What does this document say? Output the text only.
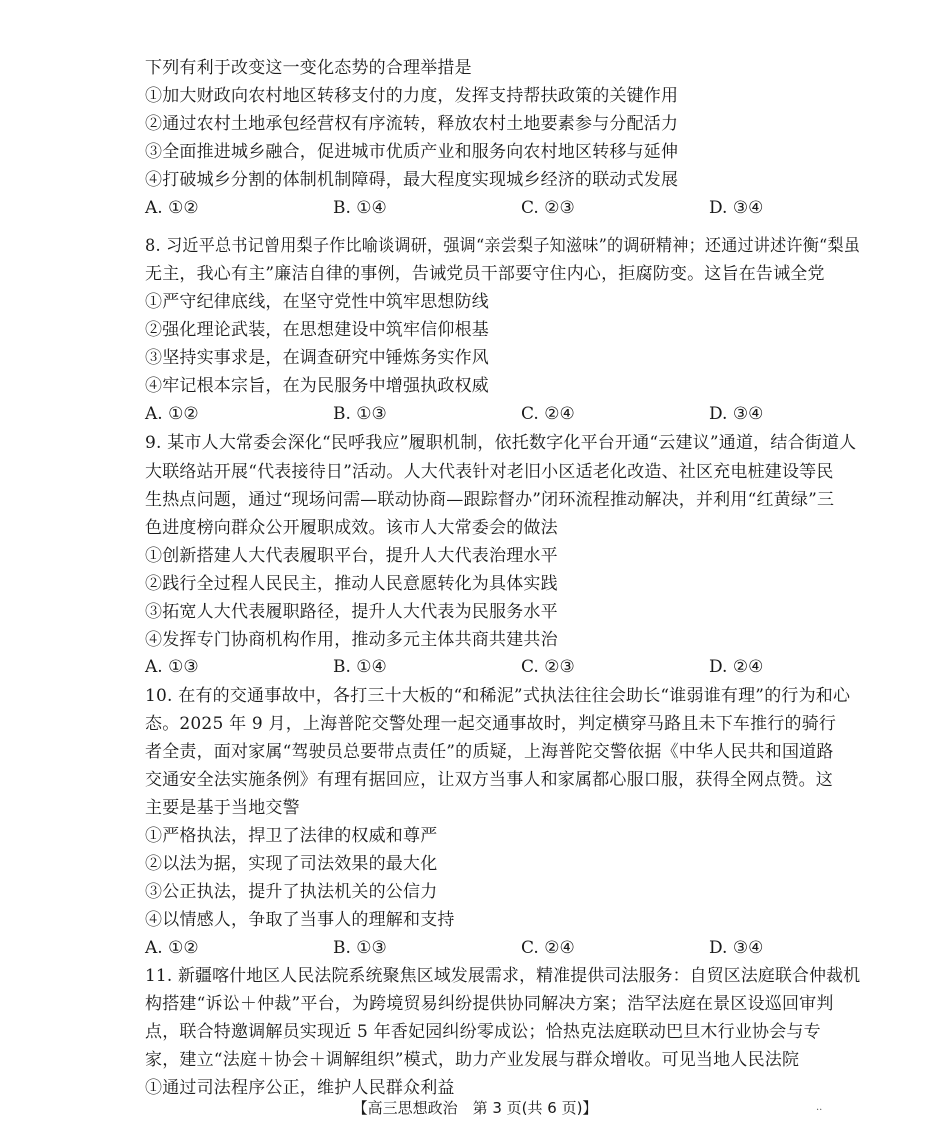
下列有利于改变这一变化态势的合理举措是
①加大财政向农村地区转移支付的力度，发挥支持帮扶政策的关键作用
②通过农村土地承包经营权有序流转，释放农村土地要素参与分配活力
③全面推进城乡融合，促进城市优质产业和服务向农村地区转移与延伸
④打破城乡分割的体制机制障碍，最大程度实现城乡经济的联动式发展
A. ①②	B. ①④	C. ②③	D. ③④
8. 习近平总书记曾用梨子作比喻谈调研，强调“亲尝梨子知滋味”的调研精神；还通过讲述许衡“梨虽
无主，我心有主”廉洁自律的事例，告诫党员干部要守住内心，拒腐防变。这旨在告诫全党
①严守纪律底线，在坚守党性中筑牢思想防线
②强化理论武装，在思想建设中筑牢信仰根基
③坚持实事求是，在调查研究中锤炼务实作风
④牢记根本宗旨，在为民服务中增强执政权威
A. ①②	B. ①③	C. ②④	D. ③④
9. 某市人大常委会深化“民呼我应”履职机制，依托数字化平台开通“云建议”通道，结合街道人
大联络站开展“代表接待日”活动。人大代表针对老旧小区适老化改造、社区充电桩建设等民
生热点问题，通过“现场问需—联动协商—跟踪督办”闭环流程推动解决，并利用“红黄绿”三
色进度榜向群众公开履职成效。该市人大常委会的做法
①创新搭建人大代表履职平台，提升人大代表治理水平
②践行全过程人民民主，推动人民意愿转化为具体实践
③拓宽人大代表履职路径，提升人大代表为民服务水平
④发挥专门协商机构作用，推动多元主体共商共建共治
A. ①③	B. ①④	C. ②③	D. ②④
10. 在有的交通事故中，各打三十大板的“和稀泥”式执法往往会助长“谁弱谁有理”的行为和心
态。2025 年 9 月，上海普陀交警处理一起交通事故时，判定横穿马路且未下车推行的骑行
者全责，面对家属“驾驶员总要带点责任”的质疑，上海普陀交警依据《中华人民共和国道路
交通安全法实施条例》有理有据回应，让双方当事人和家属都心服口服，获得全网点赞。这
主要是基于当地交警
①严格执法，捍卫了法律的权威和尊严
②以法为据，实现了司法效果的最大化
③公正执法，提升了执法机关的公信力
④以情感人，争取了当事人的理解和支持
A. ①②	B. ①③	C. ②④	D. ③④
11. 新疆喀什地区人民法院系统聚焦区域发展需求，精准提供司法服务：自贸区法庭联合仲裁机
构搭建“诉讼＋仲裁”平台，为跨境贸易纠纷提供协同解决方案；浩罕法庭在景区设巡回审判
点，联合特邀调解员实现近 5 年香妃园纠纷零成讼；恰热克法庭联动巴旦木行业协会与专
家，建立“法庭＋协会＋调解组织”模式，助力产业发展与群众增收。可见当地人民法院
①通过司法程序公正，维护人民群众利益
【高三思想政治　第 3 页(共 6 页)】	..
